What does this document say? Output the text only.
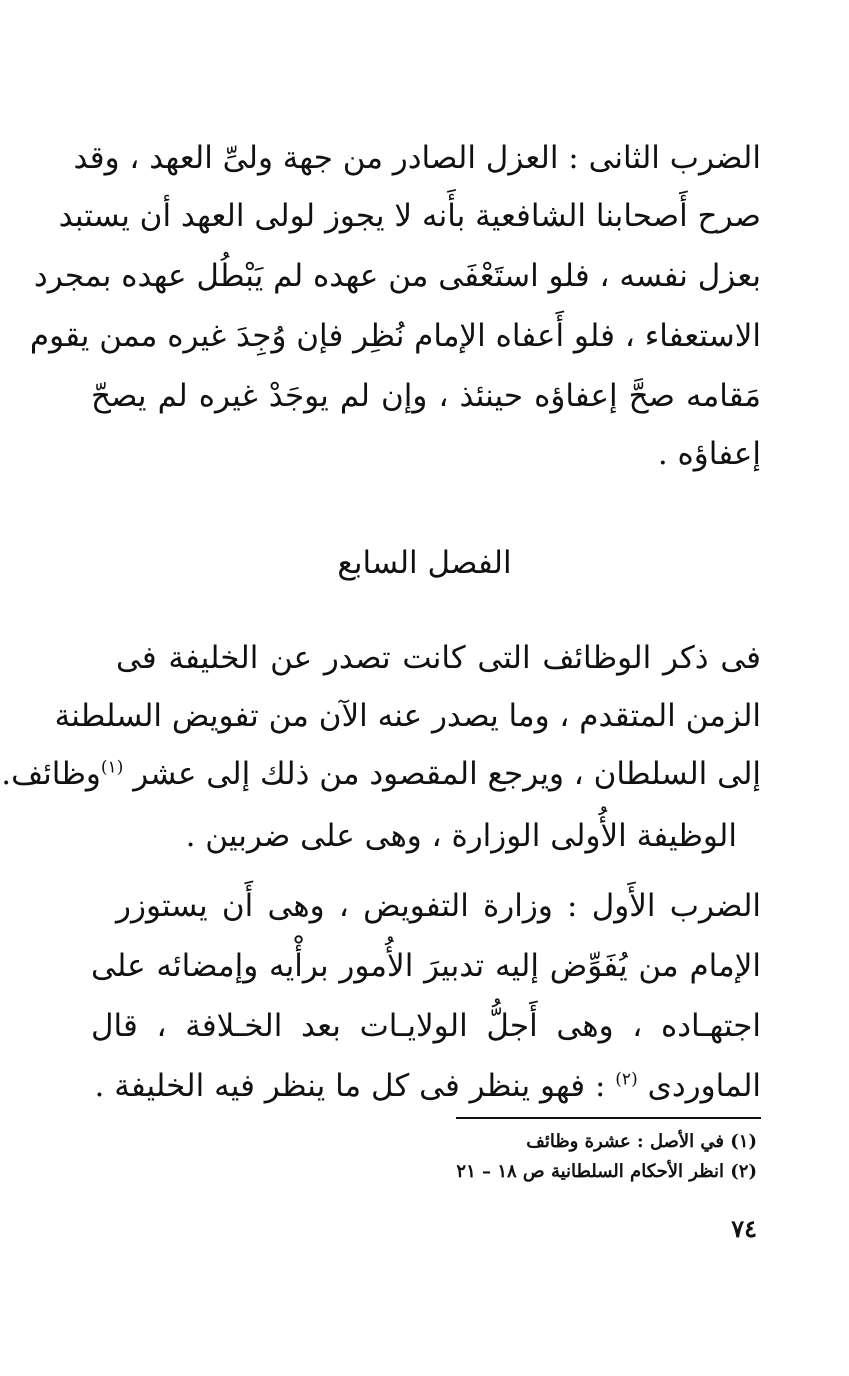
الضرب الثانى : العزل الصادر من جهة ولىِّ العهد ، وقد
صرح أَصحابنا الشافعية بأَنه لا يجوز لولى العهد أن يستبد
بعزل نفسه ، فلو استَعْفَى من عهده لم يَبْطُل عهده بمجرد
الاستعفاء ، فلو أَعفاه الإمام نُظِر فإن وُجِدَ غيره ممن يقوم
مَقامه صحَّ إعفاؤه حينئذ ، وإن لم يوجَدْ غيره لم يصحّ
إعفاؤه .
الفصل السابع
فى ذكر الوظائف التى كانت تصدر عن الخليفة فى
الزمن المتقدم ، وما يصدر عنه الآن من تفويض السلطنة
إلى السلطان ، ويرجع المقصود من ذلك إلى عشر $^{(١)}$وظائف.
الوظيفة الأُولى الوزارة ، وهى على ضربين .
الضرب الأَول : وزارة التفويض ، وهى أَن يستوزر
الإمام من يُفَوِّض إليه تدبيرَ الأُمور برأْيه وإمضائه على
اجتهـاده ، وهى أَجلُّ الولايـات بعد الخـلافة ، قال
الماوردى $^{(٢)}$ : فهو ينظر فى كل ما ينظر فيه الخليفة .
(١) في الأصل : عشرة وظائف
(٢) انظر الأحكام السلطانية ص ١٨ – ٢١
٧٤
